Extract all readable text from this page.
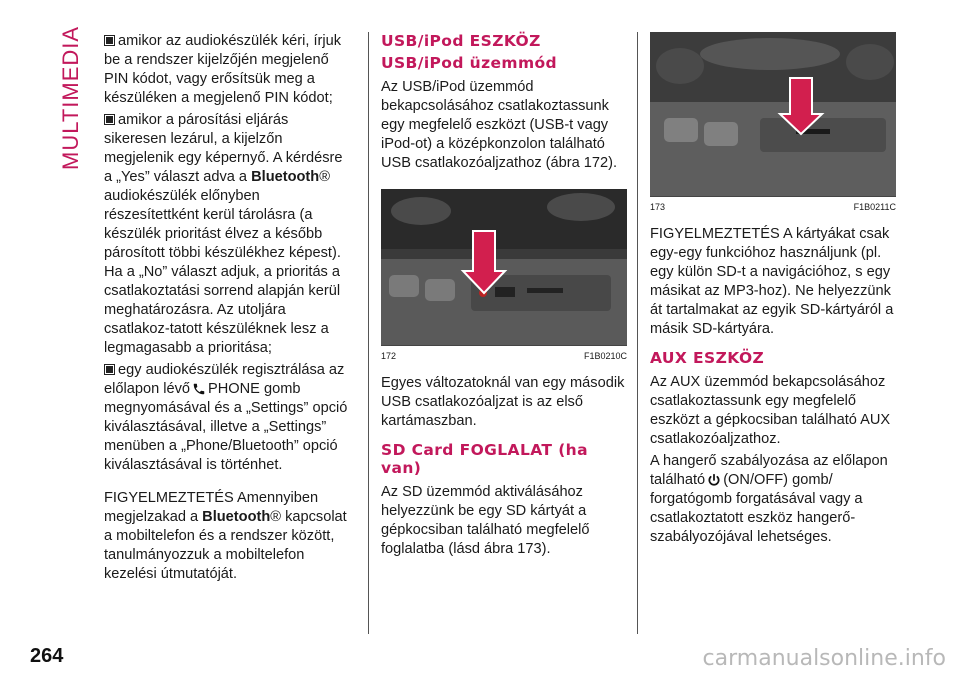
MULTIMEDIA	amikor az audiokészülék kéri, írjuk be a rendszer kijelzőjén megjelenő PIN kódot, vagy erősítsük meg a készüléken a megjelenő PIN kódot;

amikor a párosítási eljárás sikeresen lezárul, a kijelzőn megjelenik egy képernyő. A kérdésre a „Yes” választ adva a Bluetooth® audiokészülék előnyben részesítettként kerül tárolásra (a készülék prioritást élvez a később párosított többi készülékhez képest). Ha a „No” választ adjuk, a prioritás a csatlakoztatási sorrend alapján kerül meghatározásra. Az utoljára csatlakoz-tatott készüléknek lesz a legmagasabb a prioritása;

egy audiokészülék regisztrálása az előlapon lévő PHONE gomb megnyomásával és a „Settings” opció kiválasztásával, illetve a „Settings” menüben a „Phone/Bluetooth” opció kiválasztásával is történhet.

FIGYELMEZTETÉS Amennyiben megjelzakad a Bluetooth® kapcsolat a mobiltelefon és a rendszer között, tanulmányozzuk a mobiltelefon kezelési útmutatóját.

USB/iPod ESZKÖZ
USB/iPod üzemmód

Az USB/iPod üzemmód bekapcsolásához csatlakoztassunk egy megfelelő eszközt (USB-t vagy iPod-ot) a középkonzolon található USB csatlakozóaljzathoz (ábra 172).

172	F1B0210C

Egyes változatoknál van egy második USB csatlakozóaljzat is az első kartámaszban.

SD Card FOGLALAT (ha van)

Az SD üzemmód aktiválásához helyezzünk be egy SD kártyát a gépkocsiban található megfelelő foglalatba (lásd ábra 173).

173	F1B0211C

FIGYELMEZTETÉS A kártyákat csak egy-egy funkcióhoz használjunk (pl. egy külön SD-t a navigációhoz, s egy másikat az MP3-hoz). Ne helyezzünk át tartalmakat az egyik SD-kártyáról a másik SD-kártyára.

AUX ESZKÖZ

Az AUX üzemmód bekapcsolásához csatlakoztassunk egy megfelelő eszközt a gépkocsiban található AUX csatlakozóaljzathoz.

A hangerő szabályozása az előlapon található (ON/OFF) gomb/ forgatógomb forgatásával vagy a csatlakoztatott eszköz hangerő-szabályozójával lehetséges.

264	carmanualsonline.info
